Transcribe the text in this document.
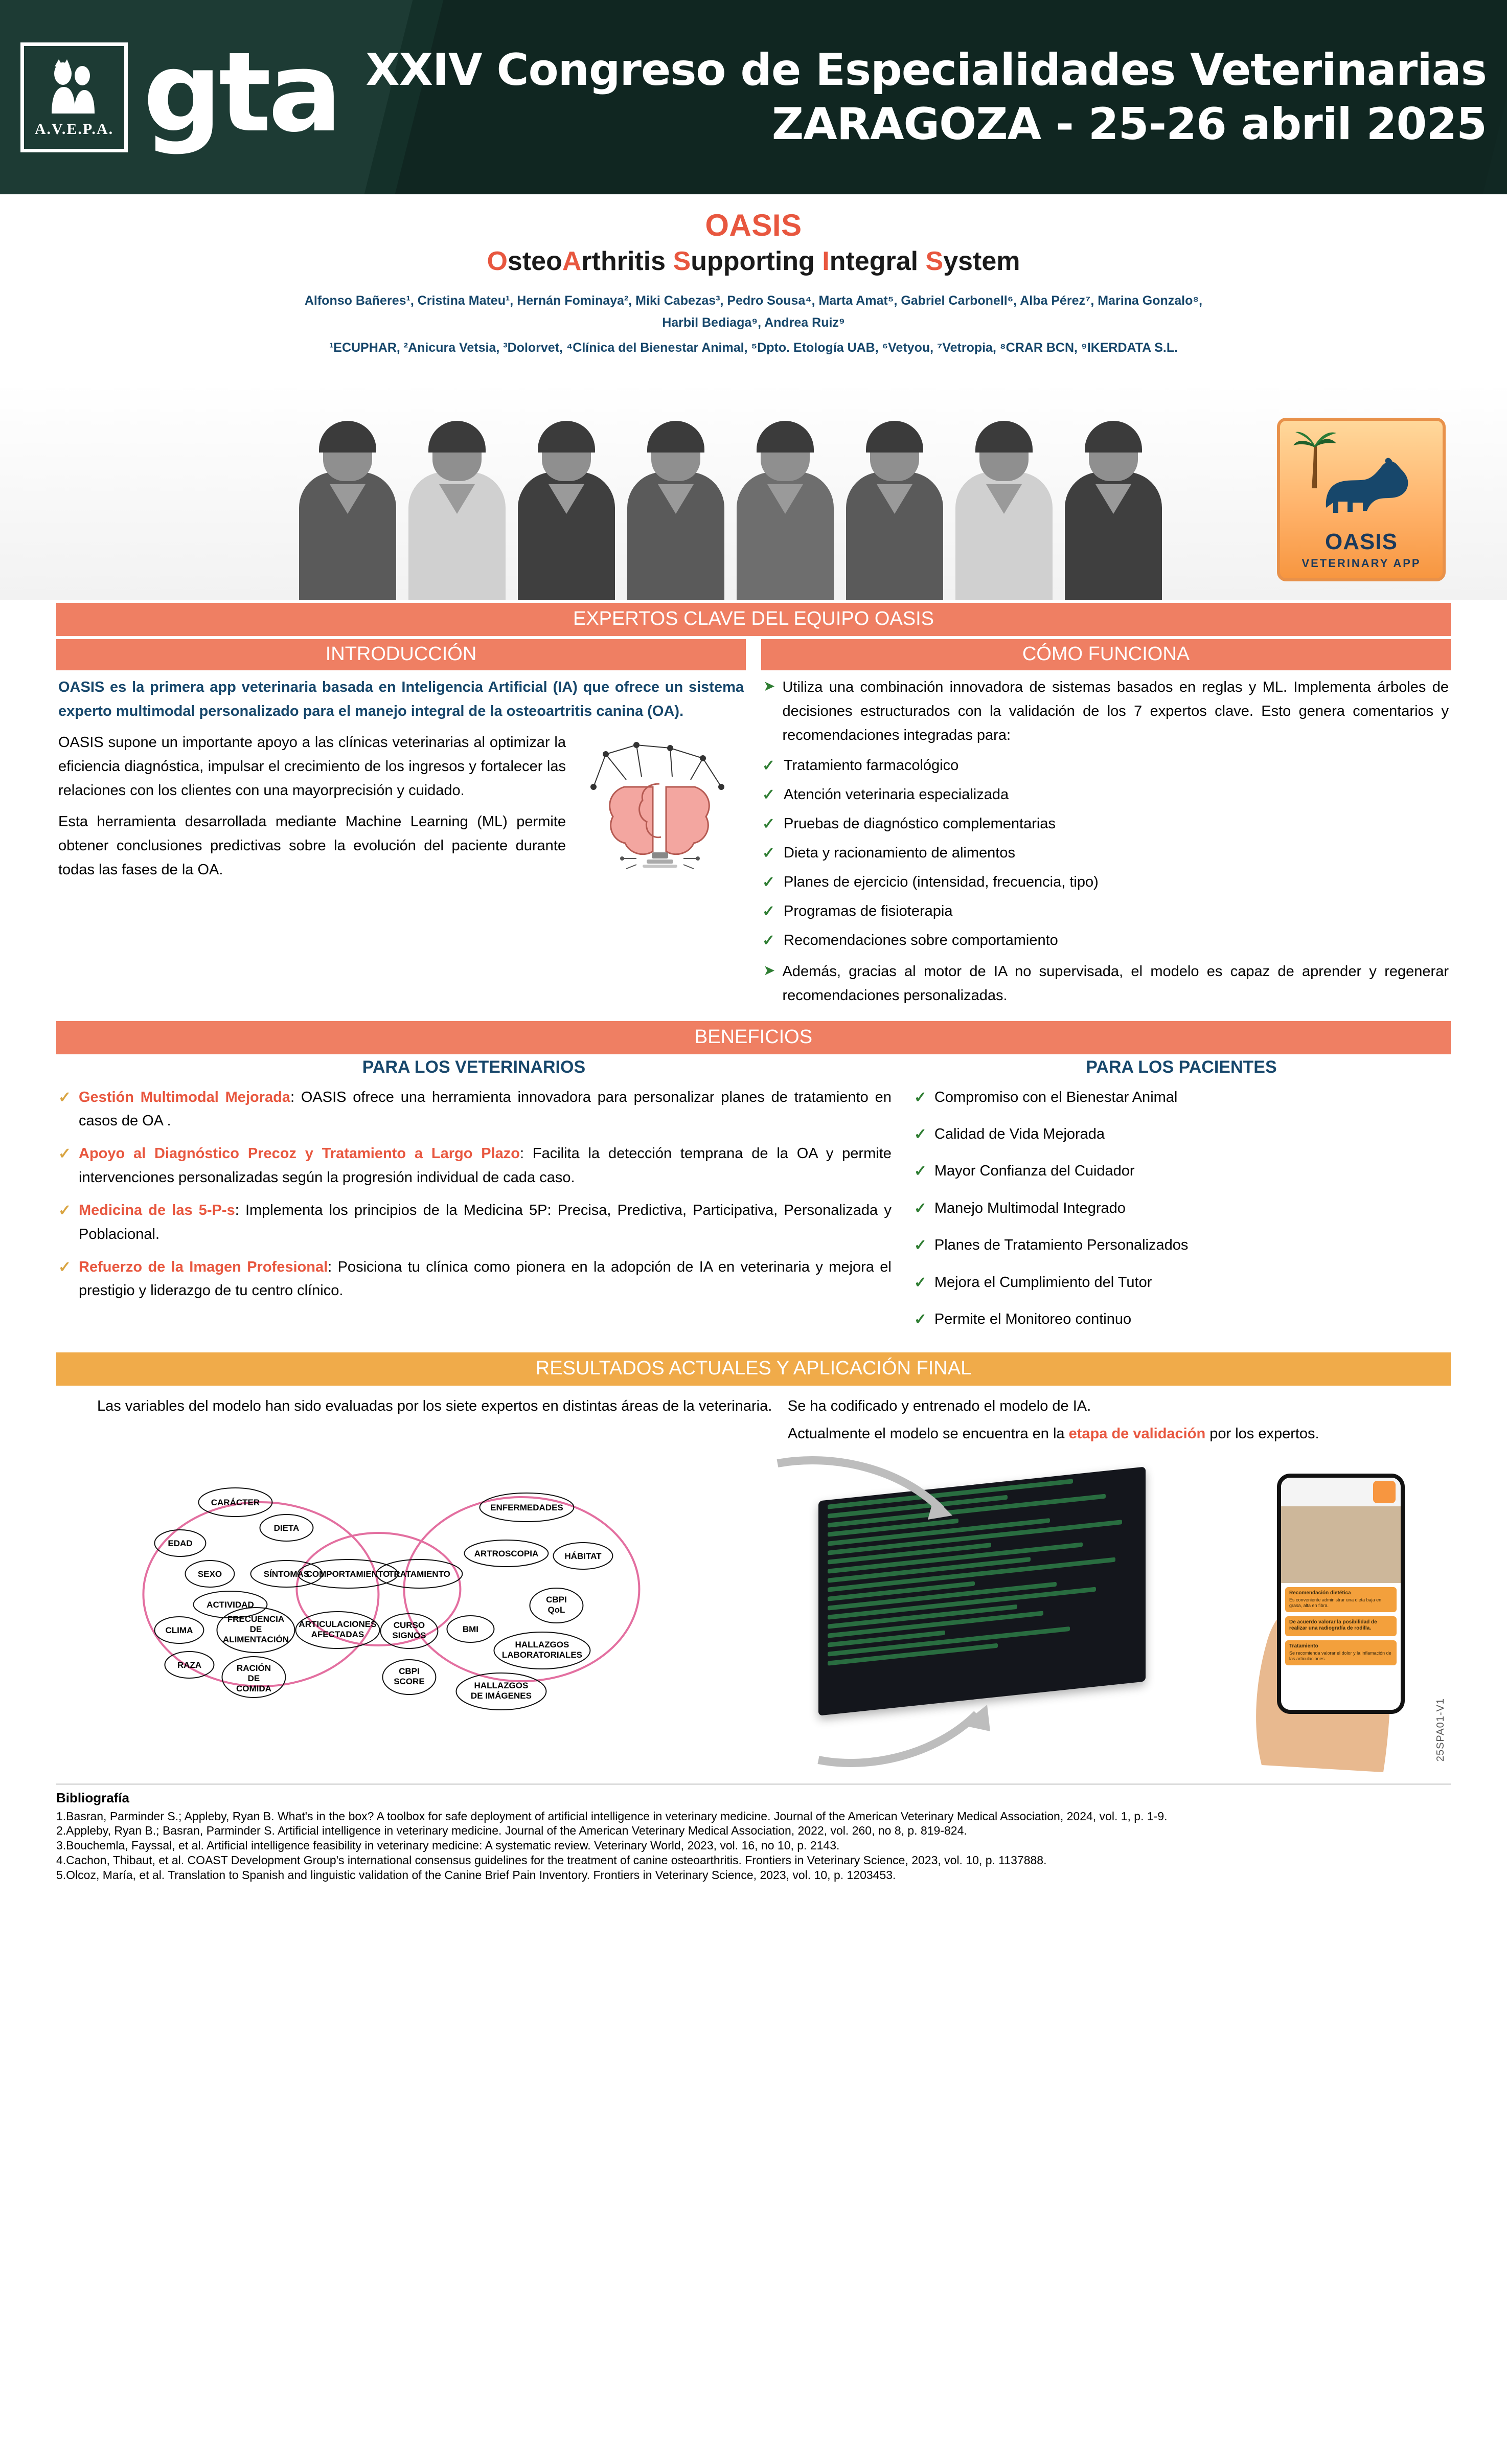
A.V.E.P.A. gta XXIV Congreso de Especialidades Veterinarias
ZARAGOZA - 25-26 abril 2025
OASIS
OsteoArthritis Supporting Integral System
Alfonso Bañeres¹, Cristina Mateu¹, Hernán Fominaya², Miki Cabezas³, Pedro Sousa⁴, Marta Amat⁵, Gabriel Carbonell⁶, Alba Pérez⁷, Marina Gonzalo⁸,
Harbil Bediaga⁹, Andrea Ruiz⁹
¹ECUPHAR, ²Anicura Vetsia, ³Dolorvet, ⁴Clínica del Bienestar Animal, ⁵Dpto. Etología UAB, ⁶Vetyou, ⁷Vetropia, ⁸CRAR BCN, ⁹IKERDATA S.L.
OASIS
VETERINARY APP
EXPERTOS CLAVE DEL EQUIPO OASIS
INTRODUCCIÓN

OASIS es la primera app veterinaria basada en Inteligencia Artificial (IA) que ofrece un sistema experto multimodal personalizado para el manejo integral de la osteoartritis canina (OA).

OASIS supone un importante apoyo a las clínicas veterinarias al optimizar la eficiencia diagnóstica, impulsar el crecimiento de los ingresos y fortalecer las relaciones con los clientes con una mayorprecisión y cuidado.

Esta herramienta desarrollada mediante Machine Learning (ML) permite obtener conclusiones predictivas sobre la evolución del paciente durante todas las fases de la OA.

CÓMO FUNCIONA
➤ Utiliza una combinación innovadora de sistemas basados en reglas y ML. Implementa árboles de decisiones estructurados con la validación de los 7 expertos clave. Esto genera comentarios y recomendaciones integradas para:
✓ Tratamiento farmacológico
✓ Atención veterinaria especializada
✓ Pruebas de diagnóstico complementarias
✓ Dieta y racionamiento de alimentos
✓ Planes de ejercicio (intensidad, frecuencia, tipo)
✓ Programas de fisioterapia
✓ Recomendaciones sobre comportamiento
➤ Además, gracias al motor de IA no supervisada, el modelo es capaz de aprender y regenerar recomendaciones personalizadas.
BENEFICIOS
PARA LOS VETERINARIOS
✓ Gestión Multimodal Mejorada: OASIS ofrece una herramienta innovadora para personalizar planes de tratamiento en casos de OA .
✓ Apoyo al Diagnóstico Precoz y Tratamiento a Largo Plazo: Facilita la detección temprana de la OA y permite intervenciones personalizadas según la progresión individual de cada caso.
✓ Medicina de las 5-P-s: Implementa los principios de la Medicina 5P: Precisa, Predictiva, Participativa, Personalizada y Poblacional.
✓ Refuerzo de la Imagen Profesional: Posiciona tu clínica como pionera en la adopción de IA en veterinaria y mejora el prestigio y liderazgo de tu centro clínico.
PARA LOS PACIENTES
✓ Compromiso con el Bienestar Animal
✓ Calidad de Vida Mejorada
✓ Mayor Confianza del Cuidador
✓ Manejo Multimodal Integrado
✓ Planes de Tratamiento Personalizados
✓ Mejora el Cumplimiento del Tutor
✓ Permite el Monitoreo continuo
RESULTADOS ACTUALES Y APLICACIÓN FINAL
Las variables del modelo han sido evaluadas por los siete expertos en distintas áreas de la veterinaria.
EDAD
SEXO
CARÁCTER
DIETA
ACTIVIDAD
SÍNTOMAS
CLIMA
RAZA	RACIÓN
DE
COMIDA
FRECUENCIA
DE
ALIMENTACIÓN
COMPORTAMIENTO
ARTICULACIONES
AFECTADAS
TRATAMIENTO
CURSO
SIGNOS
CBPI
SCORE
ENFERMEDADES
ARTROSCOPIA	HÁBITAT
BMI
CBPI
QoL
HALLAZGOS
LABORATORIALES
HALLAZGOS
DE IMÁGENES
Se ha codificado y entrenado el modelo de IA.
Actualmente el modelo se encuentra en la etapa de validación por los expertos.
Recomendación dietética
Es conveniente administrar una dieta baja en grasa, alta en fibra.
De acuerdo valorar la posibilidad de realizar una radiografía de rodilla.
Tratamiento
Se recomienda valorar el dolor y la inflamación de las articulaciones.
25SPA01-V1
Bibliografía

1.Basran, Parminder S.; Appleby, Ryan B. What's in the box? A toolbox for safe deployment of artificial intelligence in veterinary medicine. Journal of the American Veterinary Medical Association, 2024, vol. 1, p. 1-9.

2.Appleby, Ryan B.; Basran, Parminder S. Artificial intelligence in veterinary medicine. Journal of the American Veterinary Medical Association, 2022, vol. 260, no 8, p. 819-824.

3.Bouchemla, Fayssal, et al. Artificial intelligence feasibility in veterinary medicine: A systematic review. Veterinary World, 2023, vol. 16, no 10, p. 2143.

4.Cachon, Thibaut, et al. COAST Development Group's international consensus guidelines for the treatment of canine osteoarthritis. Frontiers in Veterinary Science, 2023, vol. 10, p. 1137888.

5.Olcoz, María, et al. Translation to Spanish and linguistic validation of the Canine Brief Pain Inventory. Frontiers in Veterinary Science, 2023, vol. 10, p. 1203453.
